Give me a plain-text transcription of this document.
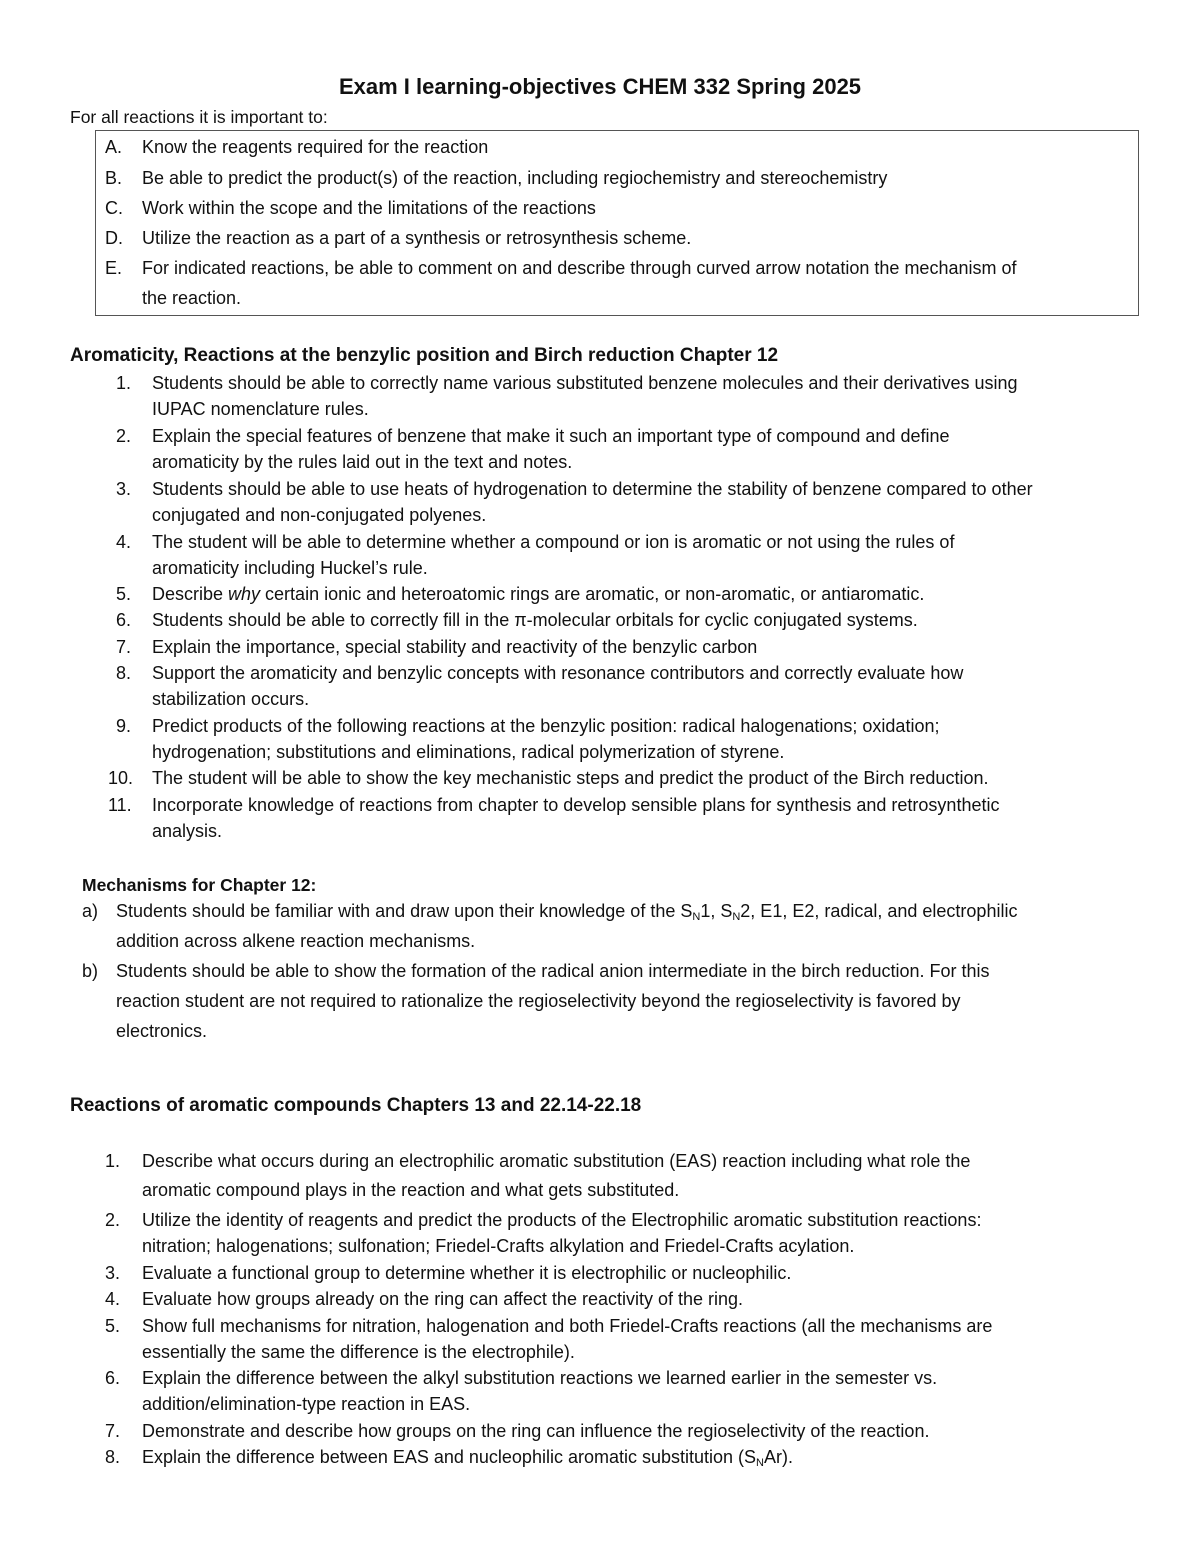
Exam I learning-objectives CHEM 332 Spring 2025
For all reactions it is important to:
A. Know the reagents required for the reaction
B. Be able to predict the product(s) of the reaction, including regiochemistry and stereochemistry
C. Work within the scope and the limitations of the reactions
D. Utilize the reaction as a part of a synthesis or retrosynthesis scheme.
E. For indicated reactions, be able to comment on and describe through curved arrow notation the mechanism of
the reaction.
Aromaticity, Reactions at the benzylic position and Birch reduction Chapter 12
1. Students should be able to correctly name various substituted benzene molecules and their derivatives using
IUPAC nomenclature rules.
2. Explain the special features of benzene that make it such an important type of compound and define
aromaticity by the rules laid out in the text and notes.
3. Students should be able to use heats of hydrogenation to determine the stability of benzene compared to other
conjugated and non-conjugated polyenes.
4. The student will be able to determine whether a compound or ion is aromatic or not using the rules of
aromaticity including Huckel’s rule.
5. Describe why certain ionic and heteroatomic rings are aromatic, or non-aromatic, or antiaromatic.
6. Students should be able to correctly fill in the π-molecular orbitals for cyclic conjugated systems.
7. Explain the importance, special stability and reactivity of the benzylic carbon
8. Support the aromaticity and benzylic concepts with resonance contributors and correctly evaluate how
stabilization occurs.
9. Predict products of the following reactions at the benzylic position: radical halogenations; oxidation;
hydrogenation; substitutions and eliminations, radical polymerization of styrene.
10. The student will be able to show the key mechanistic steps and predict the product of the Birch reduction.
11. Incorporate knowledge of reactions from chapter to develop sensible plans for synthesis and retrosynthetic
analysis.
Mechanisms for Chapter 12:
a) Students should be familiar with and draw upon their knowledge of the $S_N1$, $S_N2$, E1, E2, radical, and electrophilic
addition across alkene reaction mechanisms.
b) Students should be able to show the formation of the radical anion intermediate in the birch reduction. For this
reaction student are not required to rationalize the regioselectivity beyond the regioselectivity is favored by
electronics.
Reactions of aromatic compounds Chapters 13 and 22.14-22.18
1. Describe what occurs during an electrophilic aromatic substitution (EAS) reaction including what role the
aromatic compound plays in the reaction and what gets substituted.
2. Utilize the identity of reagents and predict the products of the Electrophilic aromatic substitution reactions:
nitration; halogenations; sulfonation; Friedel-Crafts alkylation and Friedel-Crafts acylation.
3. Evaluate a functional group to determine whether it is electrophilic or nucleophilic.
4. Evaluate how groups already on the ring can affect the reactivity of the ring.
5. Show full mechanisms for nitration, halogenation and both Friedel-Crafts reactions (all the mechanisms are
essentially the same the difference is the electrophile).
6. Explain the difference between the alkyl substitution reactions we learned earlier in the semester vs.
addition/elimination-type reaction in EAS.
7. Demonstrate and describe how groups on the ring can influence the regioselectivity of the reaction.
8. Explain the difference between EAS and nucleophilic aromatic substitution $(S_NAr)$.
